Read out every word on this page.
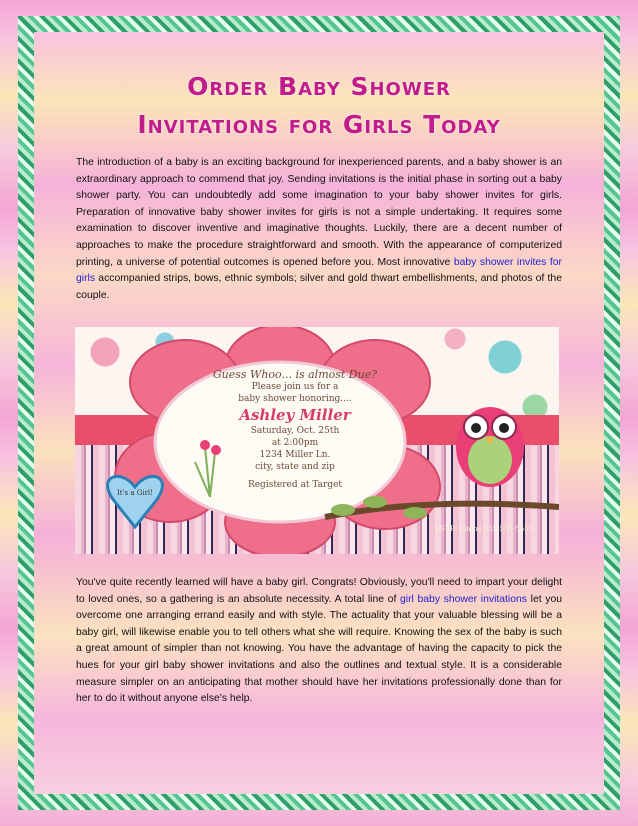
Order Baby Shower
Invitations for Girls Today

The introduction of a baby is an exciting background for inexperienced parents, and a baby shower is an extraordinary approach to commend that joy. Sending invitations is the initial phase in sorting out a baby shower party. You can undoubtedly add some imagination to your baby shower invites for girls. Preparation of innovative baby shower invites for girls is not a simple undertaking. It requires some examination to discover inventive and imaginative thoughts. Luckily, there are a decent number of approaches to make the procedure straightforward and smooth. With the appearance of computerized printing, a universe of potential outcomes is opened before you. Most innovative baby shower invites for girls accompanied strips, bows, ethnic symbols; silver and gold thwart embellishments, and photos of the couple.

Guess Whoo... is almost Due?
Please join us for a
baby shower honoring....
Ashley Miller
Saturday, Oct. 25th
at 2:00pm
1234 Miller Ln.
city, state and zip
Registered at Target
It's a Girl!
RSVP: Elaine 555-555-5555

You've quite recently learned will have a baby girl. Congrats! Obviously, you'll need to impart your delight to loved ones, so a gathering is an absolute necessity. A total line of girl baby shower invitations let you overcome one arranging errand easily and with style. The actuality that your valuable blessing will be a baby girl, will likewise enable you to tell others what she will require. Knowing the sex of the baby is such a great amount of simpler than not knowing. You have the advantage of having the capacity to pick the hues for your girl baby shower invitations and also the outlines and textual style. It is a considerable measure simpler on an anticipating that mother should have her invitations professionally done than for her to do it without anyone else's help.
